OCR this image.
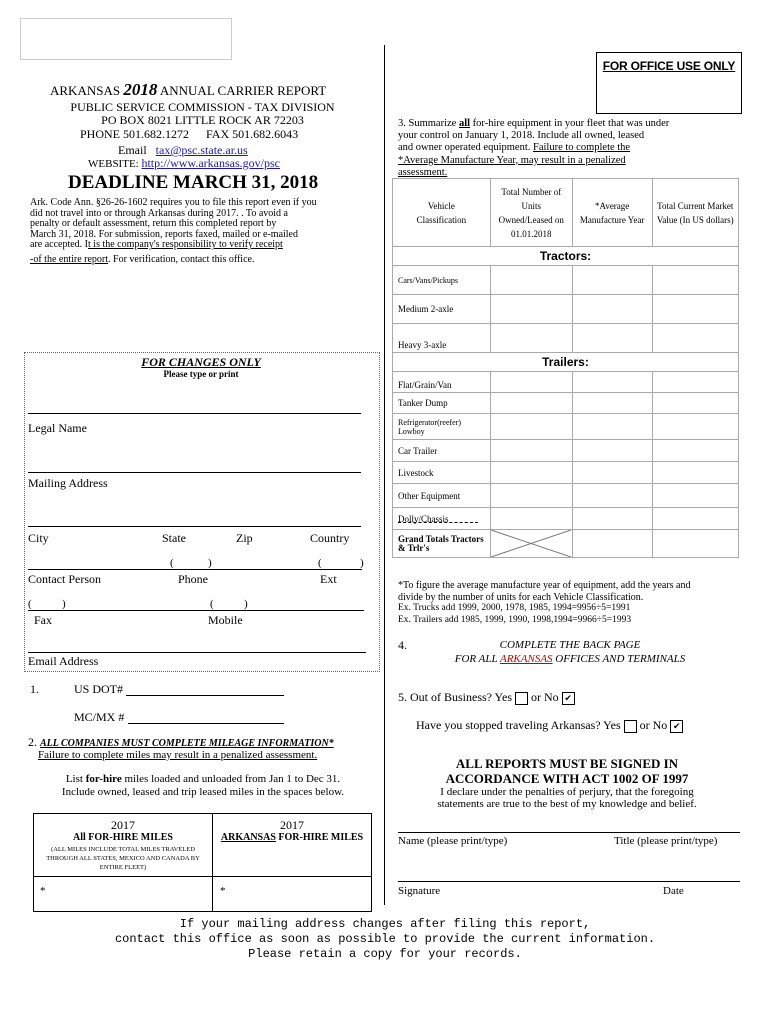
FOR OFFICE USE ONLY
ARKANSAS 2018 ANNUAL CARRIER REPORT
PUBLIC SERVICE COMMISSION - TAX DIVISION
PO BOX 8021 LITTLE ROCK AR 72203
PHONE 501.682.1272 FAX 501.682.6043
Email tax@psc.state.ar.us
WEBSITE: http://www.arkansas.gov/psc
DEADLINE MARCH 31, 2018
Ark. Code Ann. §26-26-1602 requires you to file this report even if you
did not travel into or through Arkansas during 2017. . To avoid a
penalty or default assessment, return this completed report by
March 31, 2018. For submission, reports faxed, mailed or e-mailed
are accepted. It is the company's responsibility to verify receipt
-of the entire report. For verification, contact this office.
FOR CHANGES ONLY
Please type or print
Legal Name
Mailing Address
City	State	Zip	Country
(	)	(	)
Contact Person	Phone	Ext
(	)	(	)
Fax	Mobile
Email Address
1.	US DOT#
MC/MX #
2. ALL COMPANIES MUST COMPLETE MILEAGE INFORMATION*
Failure to complete miles may result in a penalized assessment.
List for-hire miles loaded and unloaded from Jan 1 to Dec 31.
Include owned, leased and trip leased miles in the spaces below.
2017
All FOR-HIRE MILES
(ALL MILES INCLUDE TOTAL MILES TRAVELED THROUGH ALL STATES, MEXICO AND CANADA BY ENTIRE FLEET)
2017
ARKANSAS FOR-HIRE MILES
*	*
3. Summarize all for-hire equipment in your fleet that was under
your control on January 1, 2018. Include all owned, leased
and owner operated equipment. Failure to complete the
*Average Manufacture Year, may result in a penalized
assessment.
Vehicle Classification	Total Number of Units Owned/Leased on 01.01.2018	*Average Manufacture Year	Total Current Market Value (In US dollars)
Tractors:			
Cars/Vans/Pickups			
Medium 2-axle			
Heavy 3-axle			
Trailers:			
Flat/Grain/Van			
Tanker Dump			
Refrigerator(reefer) Lowboy			
Car Trailer			
Livestock			
Other Equipment			
Dolly/Chassis			
Grand Totals Tractors & Trlr's	

*To figure the average manufacture year of equipment, add the years and
divide by the number of units for each Vehicle Classification.
Ex. Trucks add 1999, 2000, 1978, 1985, 1994=9956÷5=1991
Ex. Trailers add 1985, 1999, 1990, 1998,1994=9966÷5=1993
4.	COMPLETE THE BACK PAGE
FOR ALL ARKANSAS OFFICES AND TERMINALS
5. Out of Business? Yes or No ✔
Have you stopped traveling Arkansas? Yes or No ✔
ALL REPORTS MUST BE SIGNED IN
ACCORDANCE WITH ACT 1002 OF 1997
I declare under the penalties of perjury, that the foregoing
statements are true to the best of my knowledge and belief.
Name (please print/type)	Title (please print/type)
Signature	Date
If your mailing address changes after filing this report,
contact this office as soon as possible to provide the current information.
Please retain a copy for your records.
